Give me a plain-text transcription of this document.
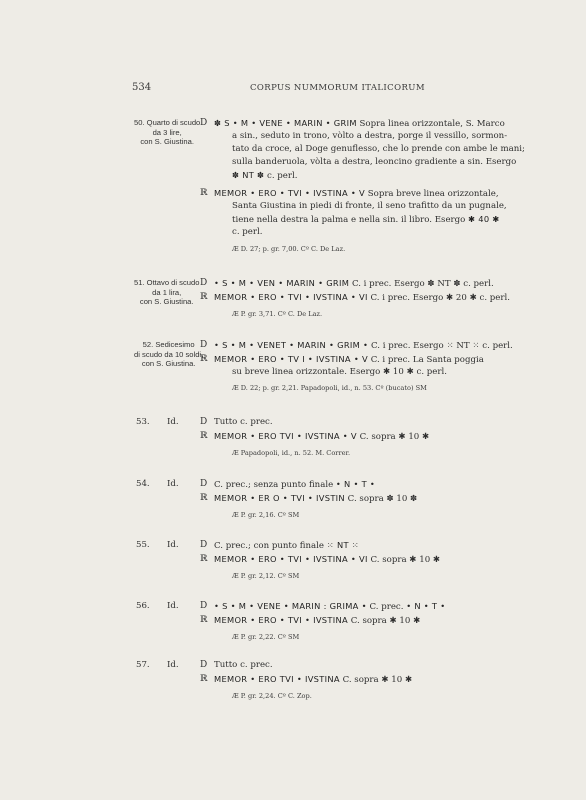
534	CORPUS NUMMORUM ITALICORUM
50. Quarto di scudo
da 3 lire,
con S. Giustina.
D ✽ S • M • VENE • MARIN • GRIM Sopra linea orizzontale, S. Marco
a sin., seduto in trono, vòlto a destra, porge il vessillo, sormon-
tato da croce, al Doge genuflesso, che lo prende con ambe le mani;
sulla banderuola, vòlta a destra, leoncino gradiente a sin. Esergo
✽ NT ✽ c. perl.
ℝ MEMOR • ERO • TVI • IVSTINA • V Sopra breve linea orizzontale,
Santa Giustina in piedi di fronte, il seno trafitto da un pugnale,
tiene nella destra la palma e nella sin. il libro. Esergo ✱ 40 ✱
c. perl.
Æ D. 27; p. gr. 7,00. Cº C. De Laz.
51. Ottavo di scudo
da 1 lira,
con S. Giustina.
D • S • M • VEN • MARIN • GRIM C. i prec. Esergo ✽ NT ✽ c. perl.
ℝ MEMOR • ERO • TVI • IVSTINA • VI C. i prec. Esergo ✱ 20 ✱ c. perl.
Æ P. gr. 3,71. Cº C. De Laz.
52. Sedicesimo
di scudo da 10 soldi,
con S. Giustina.
D • S • M • VENET • MARIN • GRIM • C. i prec. Esergo ⁙ NT ⁙ c. perl.
ℝ MEMOR • ERO • TV I • IVSTINA • V C. i prec. La Santa poggia
su breve linea orizzontale. Esergo ✱ 10 ✱ c. perl.
Æ D. 22; p. gr. 2,21. Papadopoli, id., n. 53. Cº (bucato) SM
53. Id. D Tutto c. prec.
ℝ MEMOR • ERO TVI • IVSTINA • V C. sopra ✱ 10 ✱
Æ Papadopoli, id., n. 52. M. Correr.
54. Id. D C. prec.; senza punto finale • N • T •
ℝ MEMOR • ER O • TVI • IVSTIN C. sopra ✽ 10 ✽
Æ P. gr. 2,16. Cº SM
55. Id. D C. prec.; con punto finale ⁙ NT ⁙
ℝ MEMOR • ERO • TVI • IVSTINA • VI C. sopra ✱ 10 ✱
Æ P. gr. 2,12. Cº SM
56. Id. D • S • M • VENE • MARIN : GRIMA • C. prec. • N • T •
ℝ MEMOR • ERO • TVI • IVSTINA C. sopra ✱ 10 ✱
Æ P. gr. 2,22. Cº SM
57. Id. D Tutto c. prec.
ℝ MEMOR • ERO TVI • IVSTINA C. sopra ✱ 10 ✱
Æ P. gr. 2,24. Cº C. Zop.
